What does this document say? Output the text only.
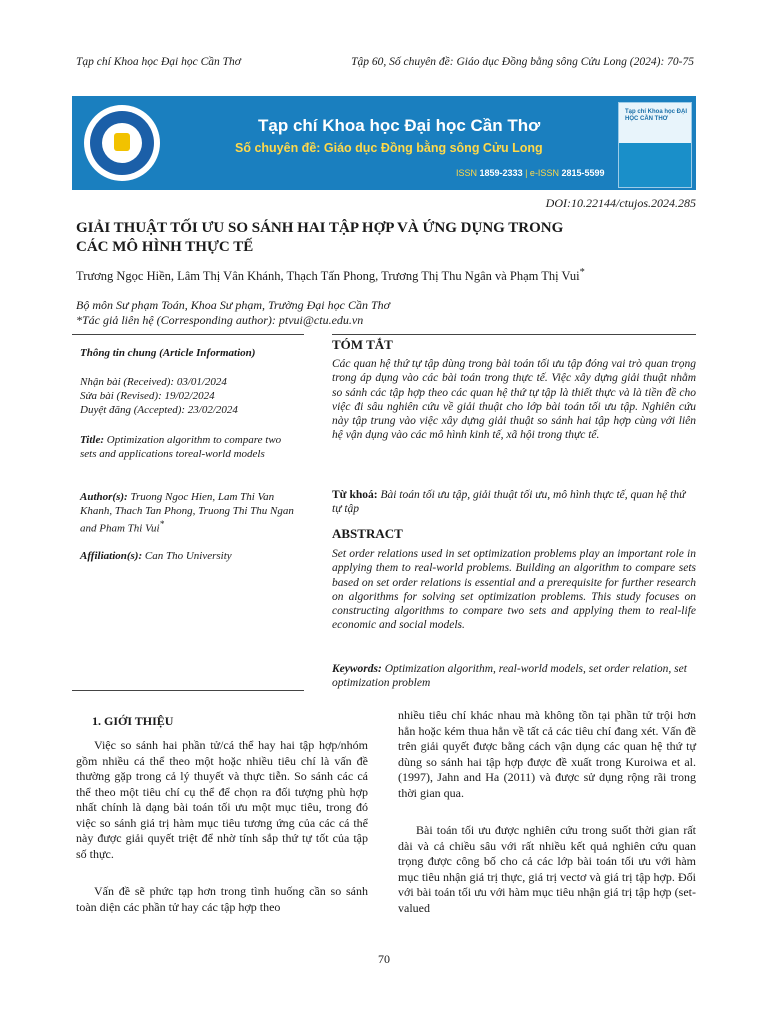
Tạp chí Khoa học Đại học Cần Thơ	Tập 60, Số chuyên đề: Giáo dục Đồng bằng sông Cửu Long (2024): 70-75
Tạp chí Khoa học Đại học Cần Thơ
Số chuyên đề: Giáo dục Đồng bằng sông Cửu Long
ISSN 1859-2333 | e-ISSN 2815-5599
Tạp chí Khoa học ĐẠI HỌC CẦN THƠ
DOI:10.22144/ctujos.2024.285
GIẢI THUẬT TỐI ƯU SO SÁNH HAI TẬP HỢP VÀ ỨNG DỤNG TRONG
CÁC MÔ HÌNH THỰC TẾ
Trương Ngọc Hiền, Lâm Thị Vân Khánh, Thạch Tấn Phong, Trương Thị Thu Ngân và Phạm Thị Vui*
Bộ môn Sư phạm Toán, Khoa Sư phạm, Trường Đại học Cần Thơ
*Tác giả liên hệ (Corresponding author): ptvui@ctu.edu.vn
Thông tin chung (Article Information)
Nhận bài (Received): 03/01/2024
Sửa bài (Revised): 19/02/2024
Duyệt đăng (Accepted): 23/02/2024
Title: Optimization algorithm to compare two sets and applications toreal-world models
Author(s): Truong Ngoc Hien, Lam Thi Van Khanh, Thach Tan Phong, Truong Thi Thu Ngan and Pham Thi Vui*
Affiliation(s): Can Tho University
TÓM TẮT
Các quan hệ thứ tự tập dùng trong bài toán tối ưu tập đóng vai trò quan trọng trong áp dụng vào các bài toán trong thực tế. Việc xây dựng giải thuật nhằm so sánh các tập hợp theo các quan hệ thứ tự tập là thiết thực và là tiền đề cho việc đi sâu nghiên cứu về giải thuật cho lớp bài toán tối ưu tập. Nghiên cứu này tập trung vào việc xây dựng giải thuật so sánh hai tập hợp cùng với liên hệ vận dụng vào các mô hình kinh tế, xã hội trong thực tế.
Từ khoá: Bài toán tối ưu tập, giải thuật tối ưu, mô hình thực tế, quan hệ thứ tự tập
ABSTRACT
Set order relations used in set optimization problems play an important role in applying them to real-world problems. Building an algorithm to compare sets based on set order relations is essential and a prerequisite for further research on algorithms for solving set optimization problems. This study focuses on constructing algorithms to compare two sets and applying them to real-life economic and social models.
Keywords: Optimization algorithm, real-world models, set order relation, set optimization problem
1. GIỚI THIỆU
Việc so sánh hai phần tử/cá thể hay hai tập hợp/nhóm gồm nhiều cá thể theo một hoặc nhiều tiêu chí là vấn đề thường gặp trong cả lý thuyết và thực tiễn. So sánh các cá thể theo một tiêu chí cụ thể để chọn ra đối tượng phù hợp nhất chính là dạng bài toán tối ưu một mục tiêu, trong đó việc so sánh giá trị hàm mục tiêu tương ứng của các cá thể này được giải quyết triệt để nhờ tính sắp thứ tự tốt của tập số thực.
Vấn đề sẽ phức tạp hơn trong tình huống cần so sánh toàn diện các phần tử hay các tập hợp theo
nhiều tiêu chí khác nhau mà không tồn tại phần tử trội hơn hẳn hoặc kém thua hẳn về tất cả các tiêu chí đang xét. Vấn đề trên giải quyết được bằng cách vận dụng các quan hệ thứ tự dùng so sánh hai tập hợp được đề xuất trong Kuroiwa et al. (1997), Jahn and Ha (2011) và được sử dụng rộng rãi trong thời gian qua.
Bài toán tối ưu được nghiên cứu trong suốt thời gian rất dài và cả chiều sâu với rất nhiều kết quả nghiên cứu quan trọng được công bố cho cả các lớp bài toán tối ưu với hàm mục tiêu nhận giá trị thực, giá trị vectơ và giá trị tập hợp. Đối với bài toán tối ưu với hàm mục tiêu nhận giá trị tập hợp (set-valued
70
